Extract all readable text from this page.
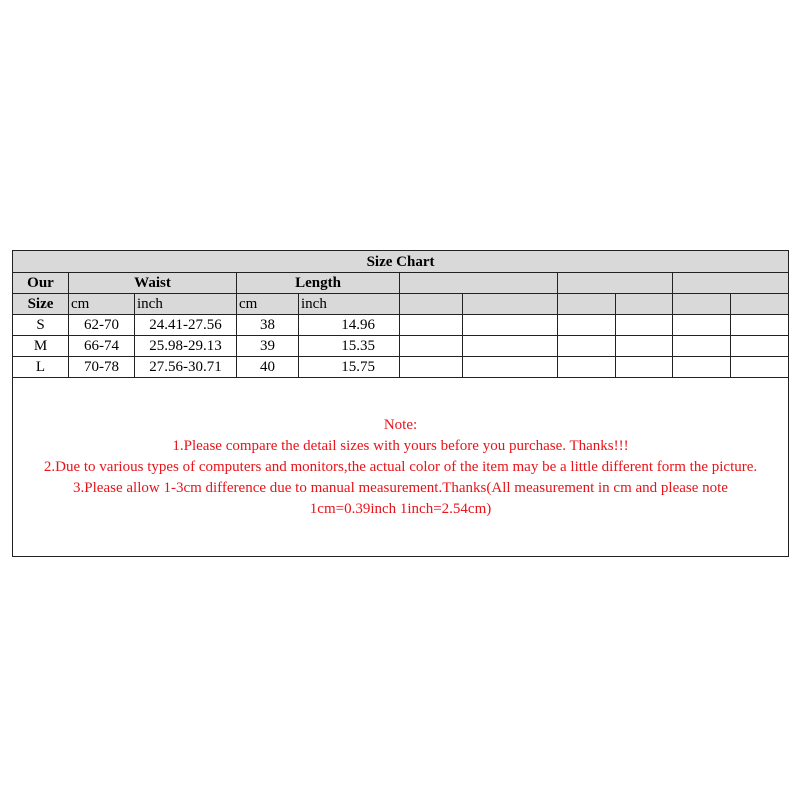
Size Chart										
Our	Waist		Length							
Size	cm	inch	cm	inch						
S	62-70	24.41-27.56	38	14.96						
M	66-74	25.98-29.13	39	15.35						
L	70-78	27.56-30.71	40	15.75						

Note:
1.Please compare the detail sizes with yours before you purchase. Thanks!!!
2.Due to various types of computers and monitors,the actual color of the item may be a little different form the picture.
3.Please allow 1-3cm difference due to manual measurement.Thanks(All measurement in cm and please note 1cm=0.39inch 1inch=2.54cm)										
